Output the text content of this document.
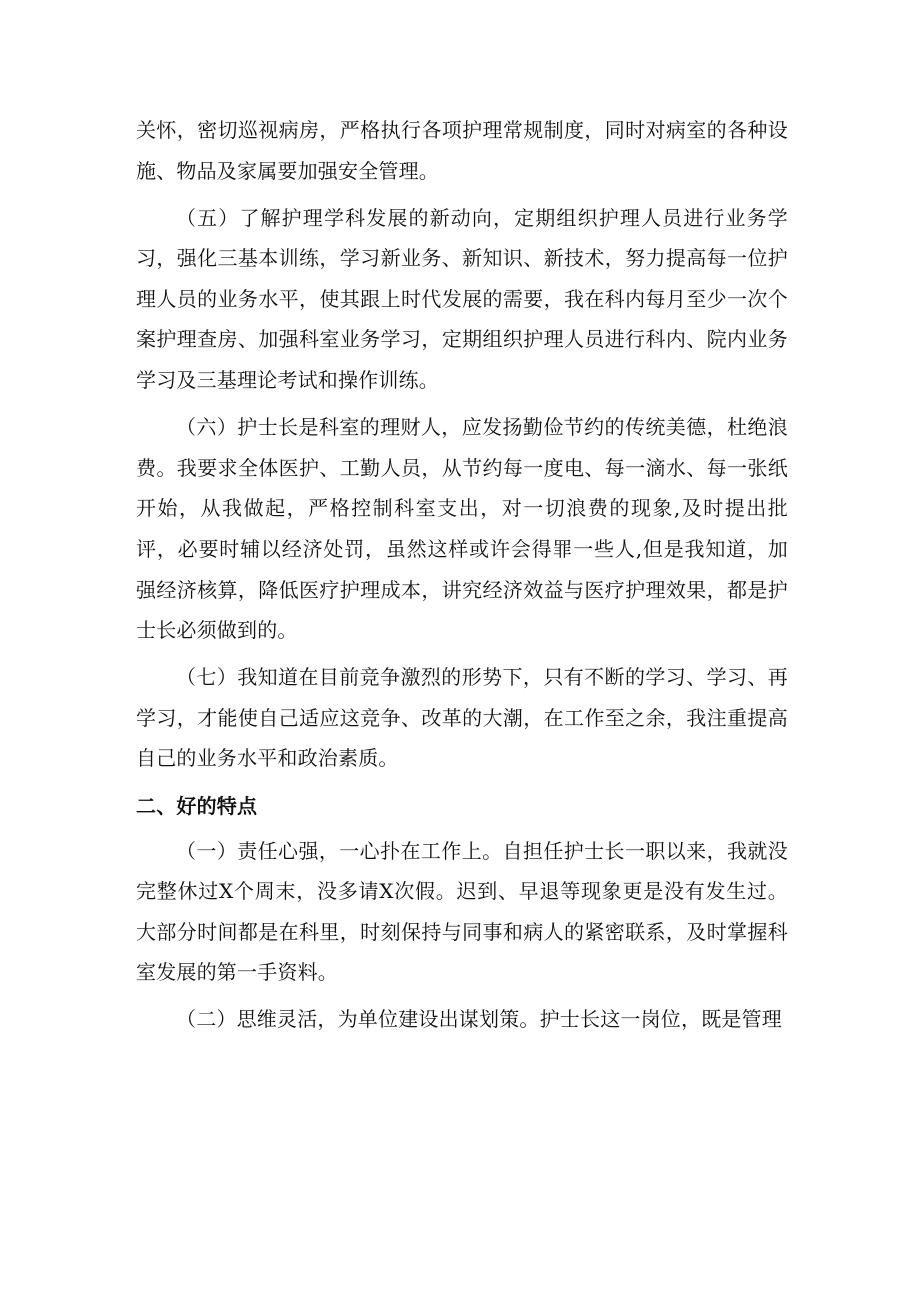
关怀，密切巡视病房，严格执行各项护理常规制度，同时对病室的各种设施、物品及家属要加强安全管理。

（五）了解护理学科发展的新动向，定期组织护理人员进行业务学习，强化三基本训练，学习新业务、新知识、新技术，努力提高每一位护理人员的业务水平，使其跟上时代发展的需要，我在科内每月至少一次个案护理查房、加强科室业务学习，定期组织护理人员进行科内、院内业务学习及三基理论考试和操作训练。

（六）护士长是科室的理财人，应发扬勤俭节约的传统美德，杜绝浪费。我要求全体医护、工勤人员，从节约每一度电、每一滴水、每一张纸开始，从我做起，严格控制科室支出，对一切浪费的现象,及时提出批评，必要时辅以经济处罚，虽然这样或许会得罪一些人,但是我知道，加强经济核算，降低医疗护理成本，讲究经济效益与医疗护理效果，都是护士长必须做到的。

（七）我知道在目前竞争激烈的形势下，只有不断的学习、学习、再学习，才能使自己适应这竞争、改革的大潮，在工作至之余，我注重提高自己的业务水平和政治素质。

二、好的特点

（一）责任心强，一心扑在工作上。自担任护士长一职以来，我就没完整休过X个周末，没多请X次假。迟到、早退等现象更是没有发生过。大部分时间都是在科里，时刻保持与同事和病人的紧密联系，及时掌握科室发展的第一手资料。

（二）思维灵活，为单位建设出谋划策。护士长这一岗位，既是管理
